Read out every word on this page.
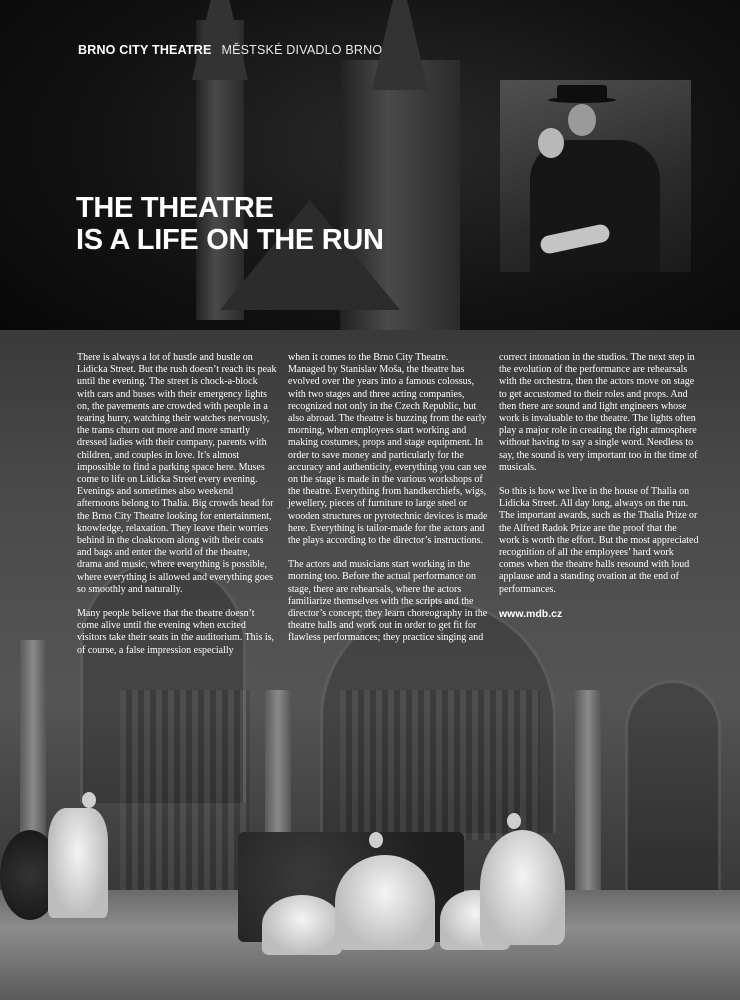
BRNO CITY THEATRE MĚSTSKÉ DIVADLO BRNO
THE THEATRE
IS A LIFE ON THE RUN

There is always a lot of hustle and bustle on Lidicka Street. But the rush doesn’t reach its peak until the evening. The street is chock-a-block with cars and buses with their emergency lights on, the pavements are crowded with people in a tearing hurry, watching their watches nervously, the trams churn out more and more smartly dressed ladies with their company, parents with children, and couples in love. It’s almost impossible to find a parking space here. Muses come to life on Lidicka Street every evening. Evenings and sometimes also weekend afternoons belong to Thalia. Big crowds head for the Brno City Theatre looking for entertainment, knowledge, relaxation. They leave their worries behind in the cloakroom along with their coats and bags and enter the world of the theatre, drama and music, where everything is possible, where everything is allowed and everything goes so smoothly and naturally.

Many people believe that the theatre doesn’t come alive until the evening when excited visitors take their seats in the auditorium. This is, of course, a false impression especially

when it comes to the Brno City Theatre. Managed by Stanislav Moša, the theatre has evolved over the years into a famous colossus, with two stages and three acting companies, recognized not only in the Czech Republic, but also abroad. The theatre is buzzing from the early morning, when employees start working and making costumes, props and stage equipment. In order to save money and particularly for the accuracy and authenticity, everything you can see on the stage is made in the various workshops of the theatre. Everything from handkerchiefs, wigs, jewellery, pieces of furniture to large steel or wooden structures or pyrotechnic devices is made here. Everything is tailor-made for the actors and the plays according to the director’s instructions.

The actors and musicians start working in the morning too. Before the actual performance on stage, there are rehearsals, where the actors familiarize themselves with the scripts and the director’s concept; they learn choreography in the theatre halls and work out in order to get fit for flawless performances; they practice singing and

correct intonation in the studios. The next step in the evolution of the performance are rehearsals with the orchestra, then the actors move on stage to get accustomed to their roles and props. And then there are sound and light engineers whose work is invaluable to the theatre. The lights often play a major role in creating the right atmosphere without having to say a single word. Needless to say, the sound is very important too in the time of musicals.

So this is how we live in the house of Thalia on Lidicka Street. All day long, always on the run. The important awards, such as the Thalia Prize or the Alfred Radok Prize are the proof that the work is worth the effort. But the most appreciated recognition of all the employees’ hard work comes when the theatre halls resound with loud applause and a standing ovation at the end of performances.

www.mdb.cz
